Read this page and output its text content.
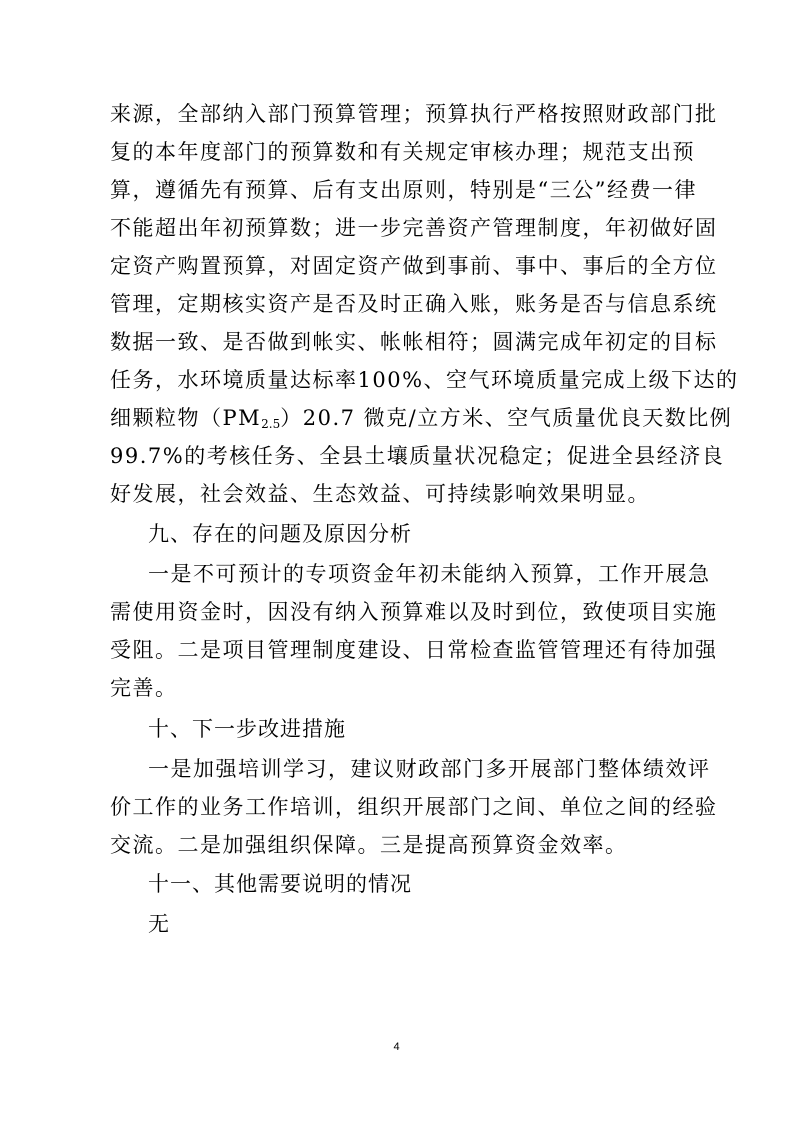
来源，全部纳入部门预算管理；预算执行严格按照财政部门批
复的本年度部门的预算数和有关规定审核办理；规范支出预
算，遵循先有预算、后有支出原则，特别是“三公”经费一律
不能超出年初预算数；进一步完善资产管理制度，年初做好固
定资产购置预算，对固定资产做到事前、事中、事后的全方位
管理，定期核实资产是否及时正确入账，账务是否与信息系统
数据一致、是否做到帐实、帐帐相符；圆满完成年初定的目标
任务，水环境质量达标率100%、空气环境质量完成上级下达的
细颗粒物$(PM_{2.5})20.7$ 微克/立方米、空气质量优良天数比例
99.7%的考核任务、全县土壤质量状况稳定；促进全县经济良
好发展，社会效益、生态效益、可持续影响效果明显。
九、存在的问题及原因分析
一是不可预计的专项资金年初未能纳入预算，工作开展急
需使用资金时，因没有纳入预算难以及时到位，致使项目实施
受阻。二是项目管理制度建设、日常检查监管管理还有待加强
完善。
十、下一步改进措施
一是加强培训学习，建议财政部门多开展部门整体绩效评
价工作的业务工作培训，组织开展部门之间、单位之间的经验
交流。二是加强组织保障。三是提高预算资金效率。
十一、其他需要说明的情况
无
4
